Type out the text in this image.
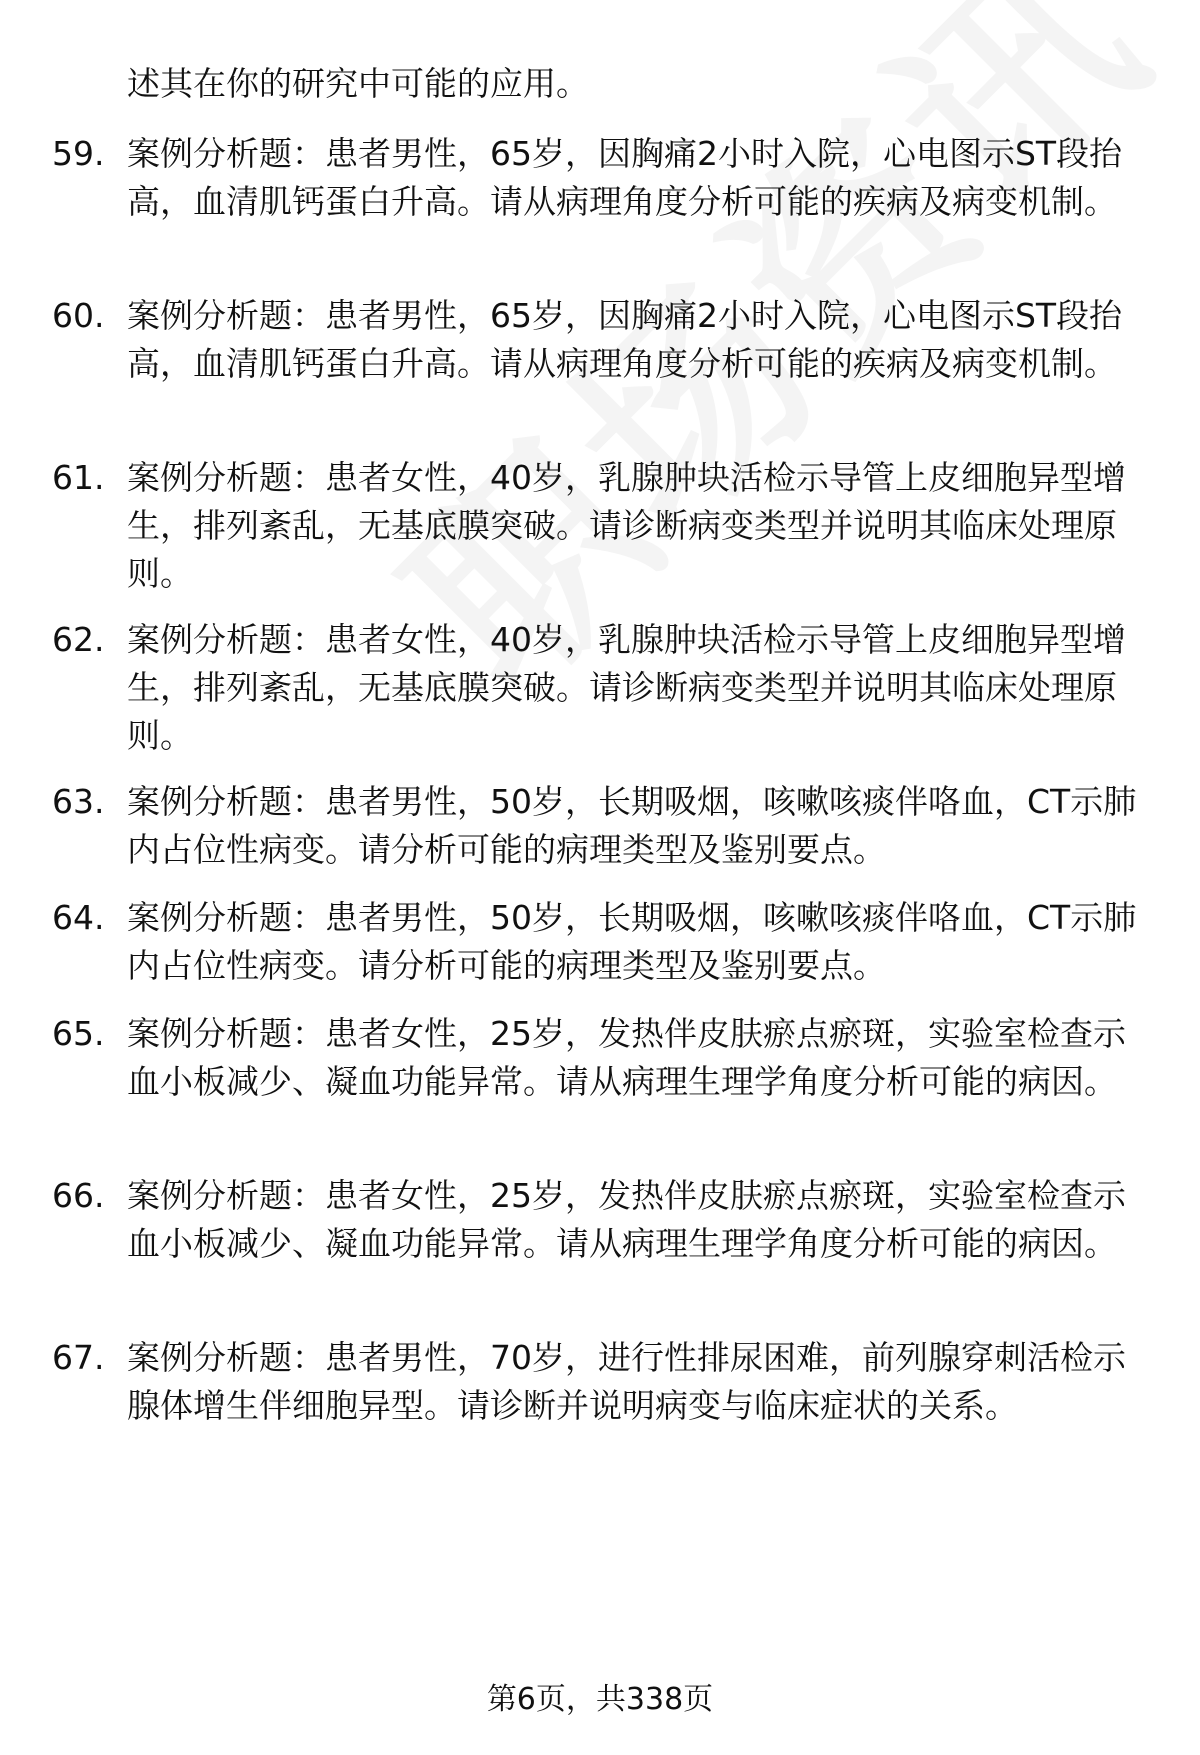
述其在你的研究中可能的应用。
59. 案例分析题：患者男性，65岁，因胸痛2小时入院，心电图示ST段抬高，血清肌钙蛋白升高。请从病理角度分析可能的疾病及病变机制。
60. 案例分析题：患者男性，65岁，因胸痛2小时入院，心电图示ST段抬高，血清肌钙蛋白升高。请从病理角度分析可能的疾病及病变机制。
61. 案例分析题：患者女性，40岁，乳腺肿块活检示导管上皮细胞异型增生，排列紊乱，无基底膜突破。请诊断病变类型并说明其临床处理原则。
62. 案例分析题：患者女性，40岁，乳腺肿块活检示导管上皮细胞异型增生，排列紊乱，无基底膜突破。请诊断病变类型并说明其临床处理原则。
63. 案例分析题：患者男性，50岁，长期吸烟，咳嗽咳痰伴咯血，CT示肺内占位性病变。请分析可能的病理类型及鉴别要点。
64. 案例分析题：患者男性，50岁，长期吸烟，咳嗽咳痰伴咯血，CT示肺内占位性病变。请分析可能的病理类型及鉴别要点。
65. 案例分析题：患者女性，25岁，发热伴皮肤瘀点瘀斑，实验室检查示血小板减少、凝血功能异常。请从病理生理学角度分析可能的病因。
66. 案例分析题：患者女性，25岁，发热伴皮肤瘀点瘀斑，实验室检查示血小板减少、凝血功能异常。请从病理生理学角度分析可能的病因。
67. 案例分析题：患者男性，70岁，进行性排尿困难，前列腺穿刺活检示腺体增生伴细胞异型。请诊断并说明病变与临床症状的关系。
第6页，共338页
